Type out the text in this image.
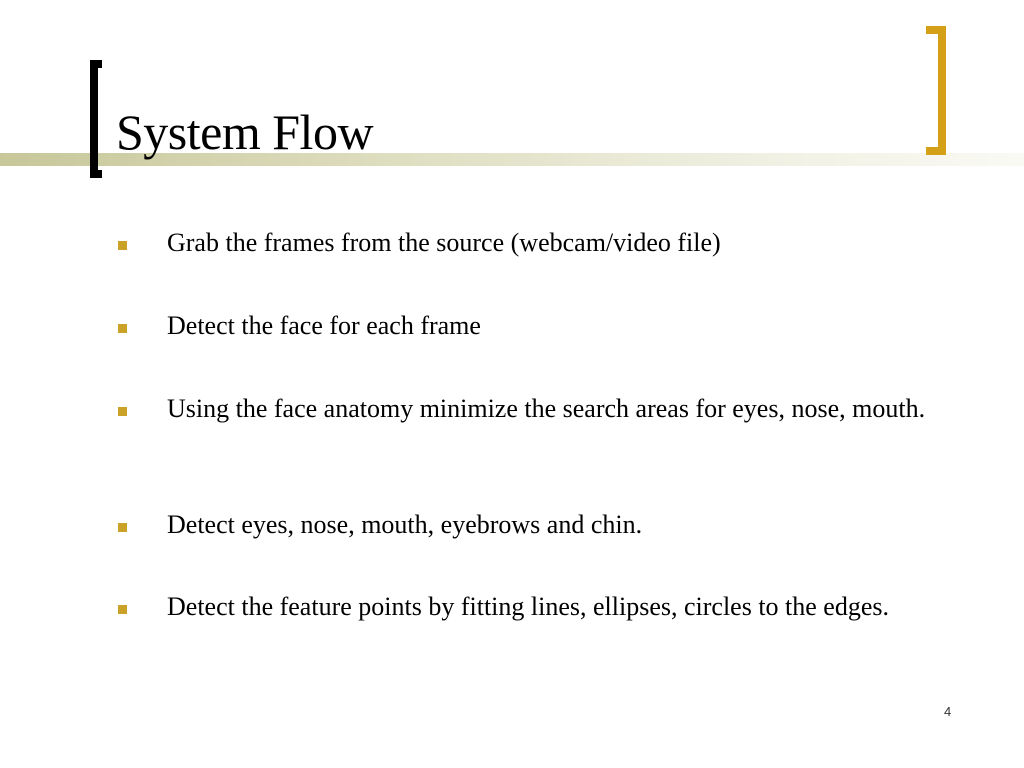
System Flow
Grab the frames from the source (webcam/video file)
Detect the face for each frame
Using the face anatomy minimize the search areas for eyes, nose, mouth.
Detect eyes, nose, mouth, eyebrows and chin.
Detect the feature points by fitting lines, ellipses, circles to the edges.
4
